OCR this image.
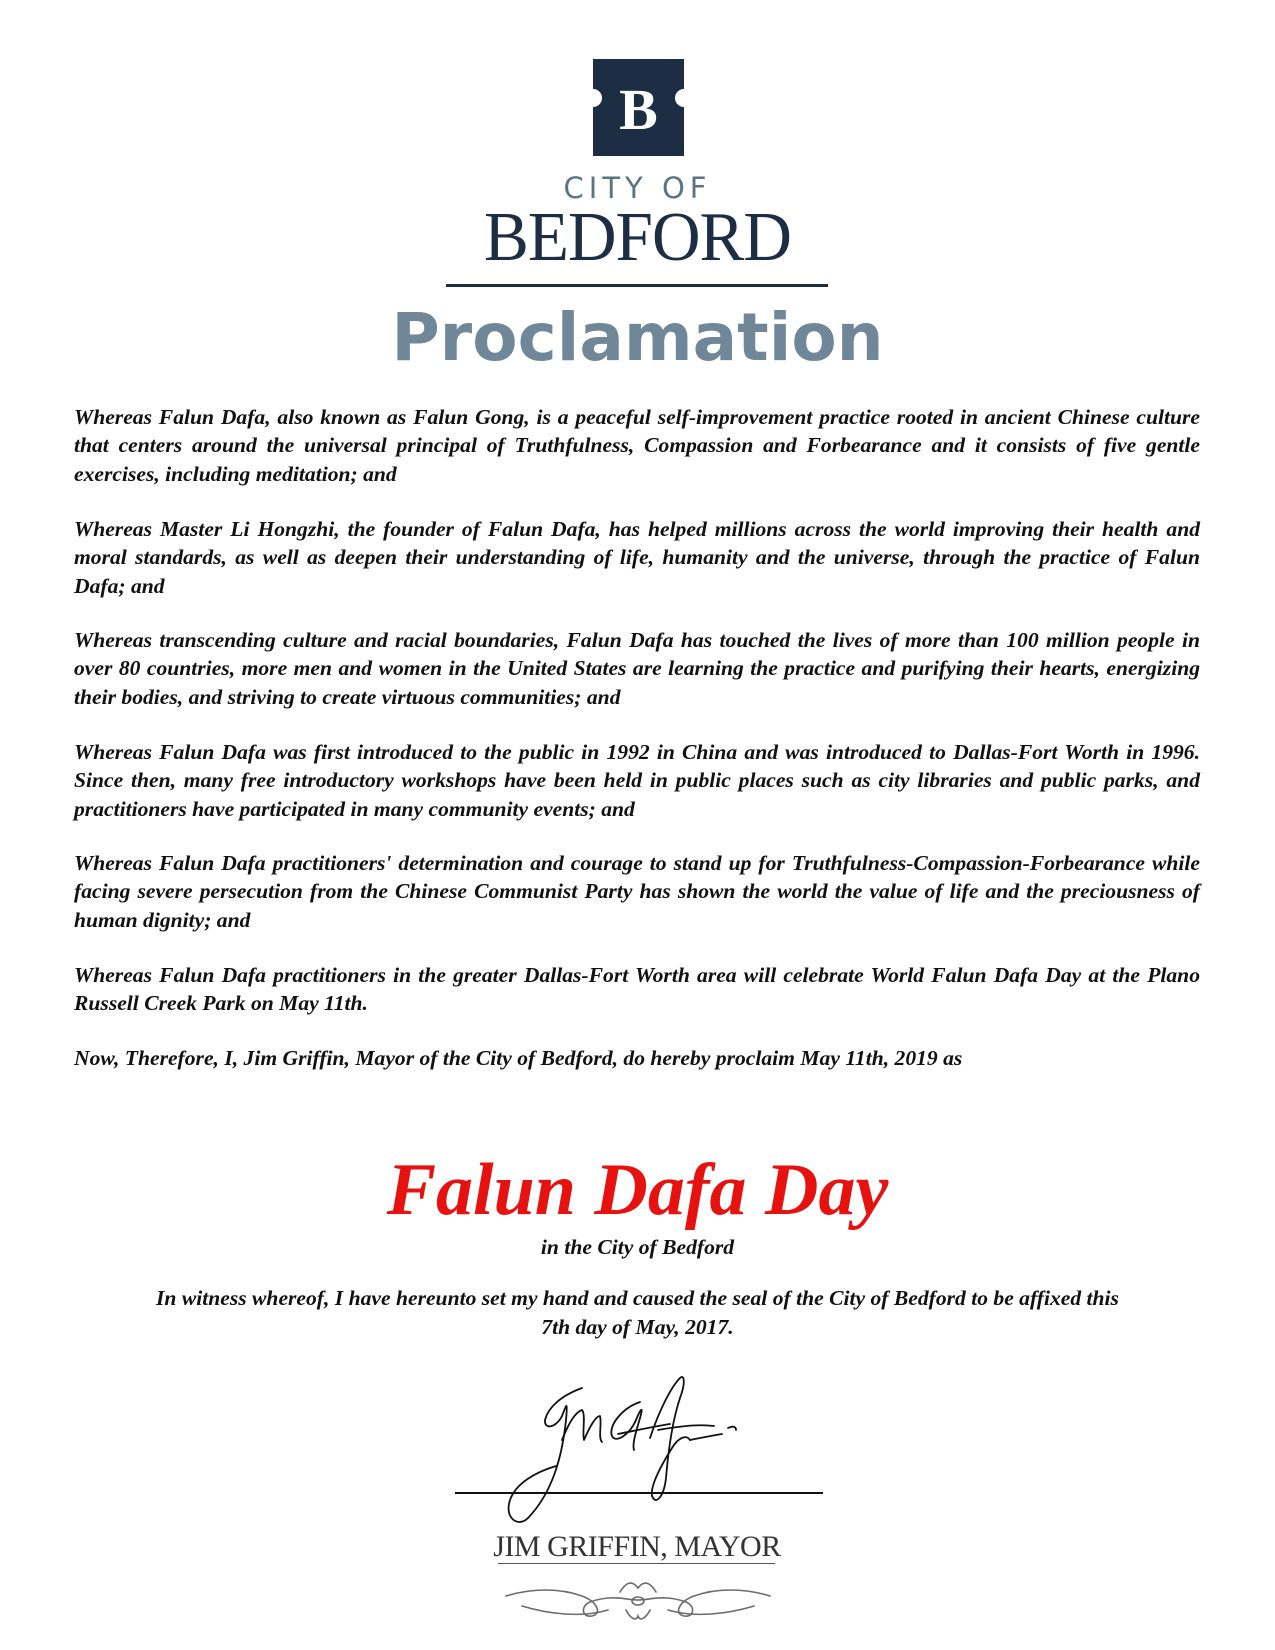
B
CITY OF
BEDFORD
Proclamation

Whereas Falun Dafa, also known as Falun Gong, is a peaceful self-improvement practice rooted in ancient Chinese culture that centers around the universal principal of Truthfulness, Compassion and Forbearance and it consists of five gentle exercises, including meditation; and

Whereas Master Li Hongzhi, the founder of Falun Dafa, has helped millions across the world improving their health and moral standards, as well as deepen their understanding of life, humanity and the universe, through the practice of Falun Dafa; and

Whereas transcending culture and racial boundaries, Falun Dafa has touched the lives of more than 100 million people in over 80 countries, more men and women in the United States are learning the practice and purifying their hearts, energizing their bodies, and striving to create virtuous communities; and

Whereas Falun Dafa was first introduced to the public in 1992 in China and was introduced to Dallas-Fort Worth in 1996. Since then, many free introductory workshops have been held in public places such as city libraries and public parks, and practitioners have participated in many community events; and

Whereas Falun Dafa practitioners' determination and courage to stand up for Truthfulness-Compassion-Forbearance while facing severe persecution from the Chinese Communist Party has shown the world the value of life and the preciousness of human dignity; and

Whereas Falun Dafa practitioners in the greater Dallas-Fort Worth area will celebrate World Falun Dafa Day at the Plano Russell Creek Park on May 11th.

Now, Therefore, I, Jim Griffin, Mayor of the City of Bedford, do hereby proclaim May 11th, 2019 as

Falun Dafa Day

in the City of Bedford

In witness whereof, I have hereunto set my hand and caused the seal of the City of Bedford to be affixed this

7th day of May, 2017.

JIM GRIFFIN, MAYOR
